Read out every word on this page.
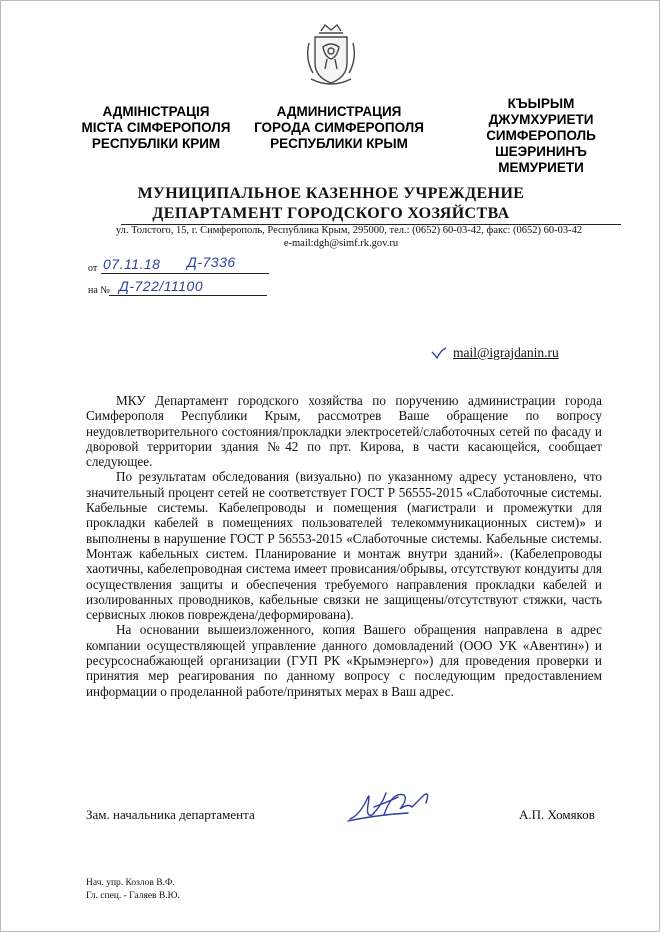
АДМІНІСТРАЦІЯ
МІСТА СІМФЕРОПОЛЯ
РЕСПУБЛІКИ КРИМ
АДМИНИСТРАЦИЯ
ГОРОДА СИМФЕРОПОЛЯ
РЕСПУБЛИКИ КРЫМ
КЪЫРЫМ
ДЖУМХУРИЕТИ
СИМФЕРОПОЛЬ
ШЕЭРИНИНЪ
МЕМУРИЕТИ
МУНИЦИПАЛЬНОЕ КАЗЕННОЕ УЧРЕЖДЕНИЕ
ДЕПАРТАМЕНТ ГОРОДСКОГО ХОЗЯЙСТВА
ул. Толстого, 15, г. Симферополь, Республика Крым, 295000, тел.: (0652) 60-03-42, факс: (0652) 60-03-42
e-mail:dgh@simf.rk.gov.ru
от 07.11.18 Д-7336
на № Д-722/11100
mail@igrajdanin.ru

МКУ Департамент городского хозяйства по поручению администрации города Симферополя Республики Крым, рассмотрев Ваше обращение по вопросу неудовлетворительного состояния/прокладки электросетей/слаботочных сетей по фасаду и дворовой территории здания №42 по прт. Кирова, в части касающейся, сообщает следующее.

По результатам обследования (визуально) по указанному адресу установлено, что значительный процент сетей не соответствует ГОСТ Р 56555-2015 «Слаботочные системы. Кабельные системы. Кабелепроводы и помещения (магистрали и промежутки для прокладки кабелей в помещениях пользователей телекоммуникационных систем)» и выполнены в нарушение ГОСТ Р 56553-2015 «Слаботочные системы. Кабельные системы. Монтаж кабельных систем. Планирование и монтаж внутри зданий». (Кабелепроводы хаотичны, кабелепроводная система имеет провисания/обрывы, отсутствуют кондуиты для осуществления защиты и обеспечения требуемого направления прокладки кабелей и изолированных проводников, кабельные связки не защищены/отсутствуют стяжки, часть сервисных люков повреждена/деформирована).

На основании вышеизложенного, копия Вашего обращения направлена в адрес компании осуществляющей управление данного домовладений (ООО УК «Авентин») и ресурсоснабжающей организации (ГУП РК «Крымэнерго») для проведения проверки и принятия мер реагирования по данному вопросу с последующим предоставлением информации о проделанной работе/принятых мерах в Ваш адрес.

Зам. начальника департамента	А.П. Хомяков
Нач. упр. Козлов В.Ф.
Гл. спец. - Галяев В.Ю.
